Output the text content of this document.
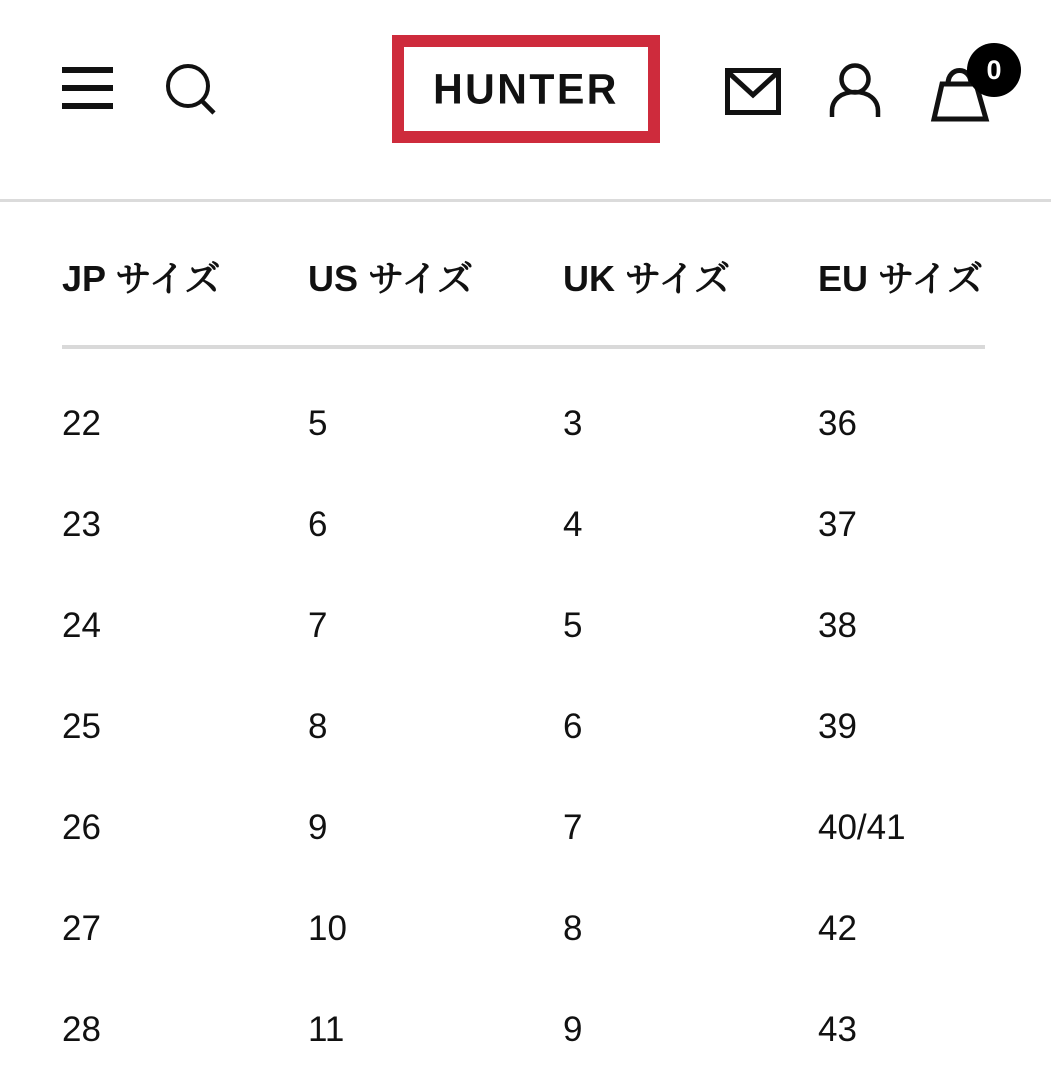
HUNTER	0
JP サイズ	US サイズ	UK サイズ	EU サイズ
22	5	3	36
23	6	4	37
24	7	5	38
25	8	6	39
26	9	7	40/41
27	10	8	42
28	11	9	43
